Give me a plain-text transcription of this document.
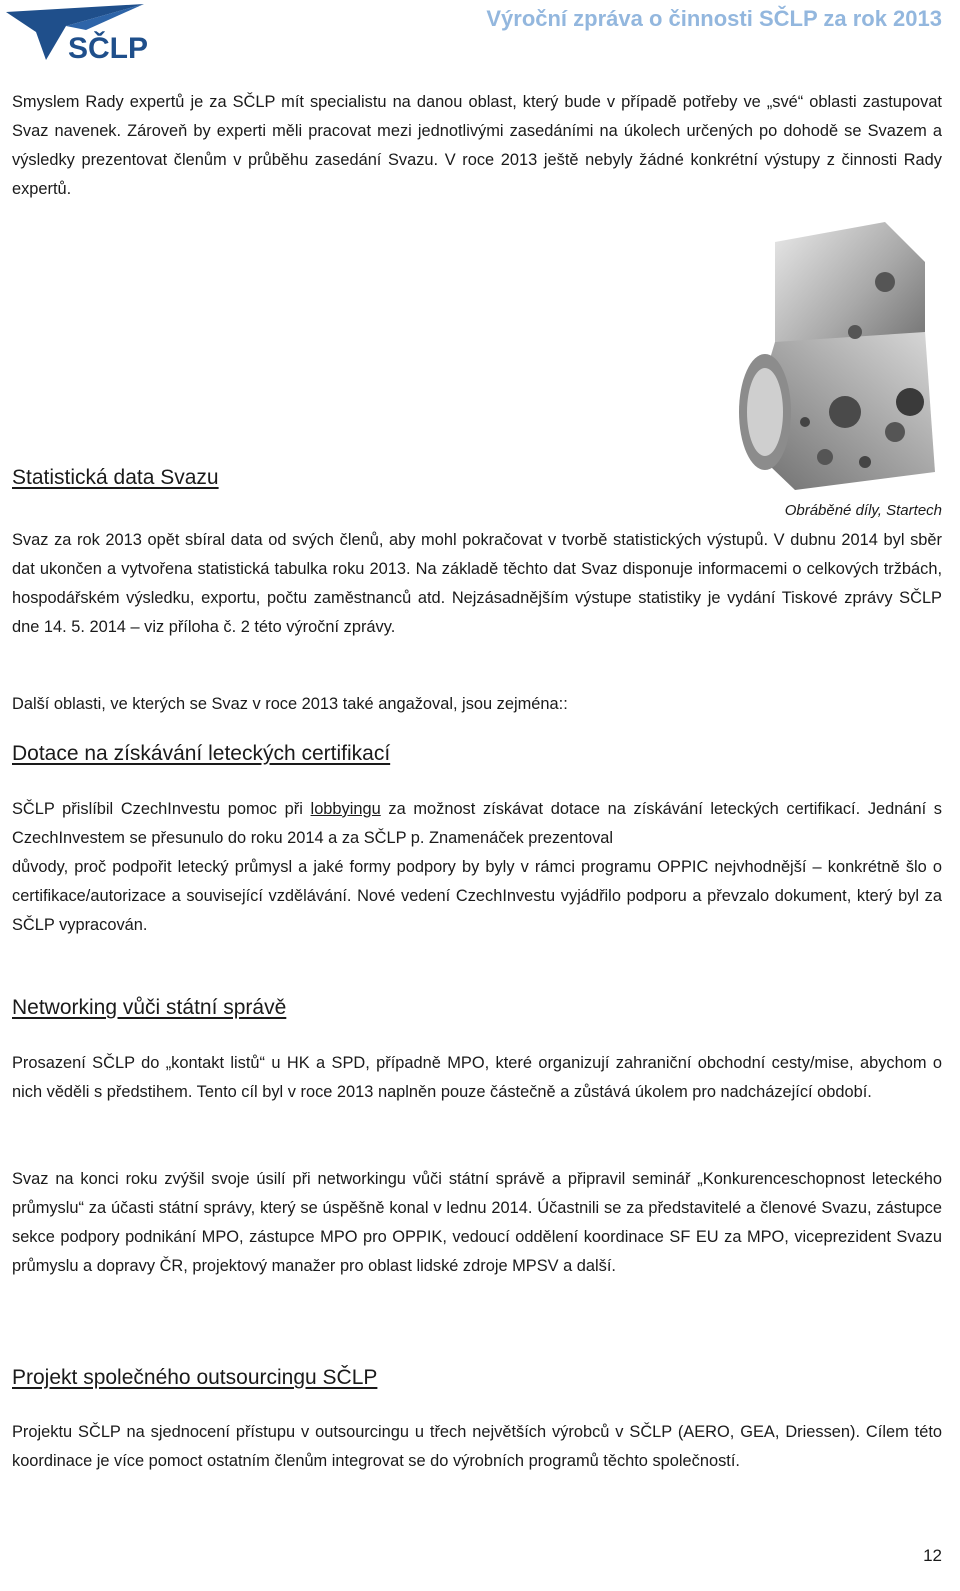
SČLP
Výroční zpráva o činnosti SČLP za rok 2013

Smyslem Rady expertů je za SČLP mít specialistu na danou oblast, který bude v případě potřeby ve „své“ oblasti zastupovat Svaz navenek. Zároveň by experti měli pracovat mezi jednotlivými zasedáními na úkolech určených po dohodě se Svazem a výsledky prezentovat členům v průběhu zasedání Svazu. V roce 2013 ještě nebyly žádné konkrétní výstupy z činnosti Rady expertů.

Statistická data Svazu
Obráběné díly, Startech

Svaz za rok 2013 opět sbíral data od svých členů, aby mohl pokračovat v tvorbě statistických výstupů. V dubnu 2014 byl sběr dat ukončen a vytvořena statistická tabulka roku 2013. Na základě těchto dat Svaz disponuje informacemi o celkových tržbách, hospodářském výsledku, exportu, počtu zaměstnanců atd. Nejzásadnějším výstupe statistiky je vydání Tiskové zprávy SČLP dne 14. 5. 2014 – viz příloha č. 2 této výroční zprávy.

Další oblasti, ve kterých se Svaz v roce 2013 také angažoval, jsou zejména::

Dotace na získávání leteckých certifikací

SČLP přislíbil CzechInvestu pomoc při lobbyingu za možnost získávat dotace na získávání leteckých certifikací. Jednání s CzechInvestem se přesunulo do roku 2014 a za SČLP p. Znamenáček prezentoval

důvody, proč podpořit letecký průmysl a jaké formy podpory by byly v rámci programu OPPIC nejvhodnější – konkrétně šlo o certifikace/autorizace a související vzdělávání. Nové vedení CzechInvestu vyjádřilo podporu a převzalo dokument, který byl za SČLP vypracován.

Networking vůči státní správě

Prosazení SČLP do „kontakt listů“ u HK a SPD, případně MPO, které organizují zahraniční obchodní cesty/mise, abychom o nich věděli s předstihem. Tento cíl byl v roce 2013 naplněn pouze částečně a zůstává úkolem pro nadcházející období.

Svaz na konci roku zvýšil svoje úsilí při networkingu vůči státní správě a připravil seminář „Konkurenceschopnost leteckého průmyslu“ za účasti státní správy, který se úspěšně konal v lednu 2014. Účastnili se za představitelé a členové Svazu, zástupce sekce podpory podnikání MPO, zástupce MPO pro OPPIK, vedoucí oddělení koordinace SF EU za MPO, viceprezident Svazu průmyslu a dopravy ČR, projektový manažer pro oblast lidské zdroje MPSV a další.

Projekt společného outsourcingu SČLP

Projektu SČLP na sjednocení přístupu v outsourcingu u třech největších výrobců v SČLP (AERO, GEA, Driessen). Cílem této koordinace je více pomoct ostatním členům integrovat se do výrobních programů těchto společností.

12
